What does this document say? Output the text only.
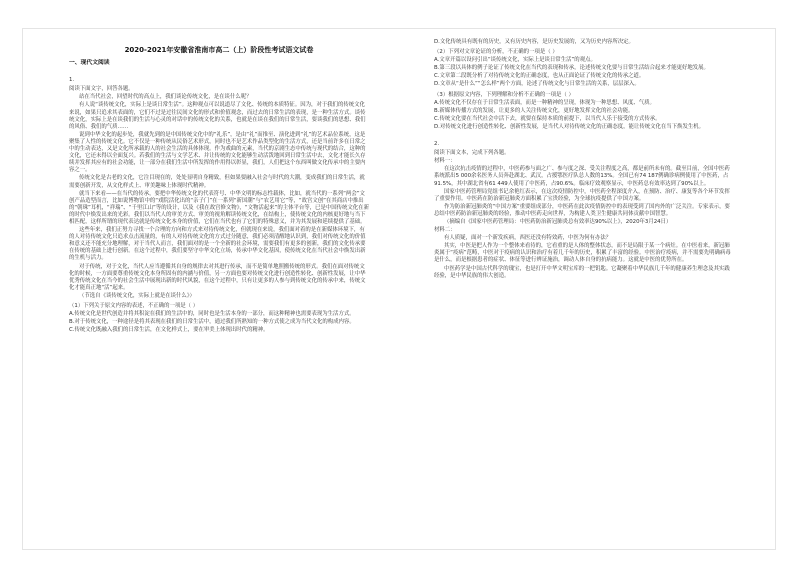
2020-2021年安徽省淮南市高二（上）阶段性考试语文试卷
一、现代文阅读
1.

阅读下面文字，回答各题。

站在当代社会，回望时代的高点上，我们谈论传统文化，是在谈什么呢？

有人说“谈传统文化，实际上是谈日常生活”。这种观点可以说道尽了文化、传统的本质特征。因为，对于我们的传统文化来说，如果只追求其表面的，它们不过是过往民间文化的形式和价值观念，而过去的日常生活的表现，是一种生活方式。谈传统文化，实际上是在谈我们的生活与心灵的对话中的传统文化的关系，也就是在谈在我们的日常生活，要谈我们的思想、我们的风俗、我们的气质……

说到中华文化的起步处，我就先到的是中国传统文化中的“礼乐”，是由“礼”而推至、演化进到“礼”的艺术品位系统，这是聚集了人性的传统文化。它不仅是一种传统从民俗艺术形式，同时也不是艺术作品类型化的生活方式，还是当前许多在日常之中的生动表达，又是文化所承载的人的社会生活的具体体现。作为戏曲的元素，当代的京剧生态中传统与现代的结合，这种的文化，它还未得以全面复兴。若我们的生活与文学艺术、并让传统的文化能够生动活泼地回到日常生活中去，文化才能长久存续并发挥其应有的社会功能，让一部分在我们生活中所发挥的作用得以彰显，我们，人们把这个东西叫做文化传承中的主要内容之一。

传统文化是古老的文化，它注目现在的，处处显明自身精致，但如果要融入社会与时代的大潮，变成我们的日常生活，就需要创新开发，从文化样式上、审美趣味上体现时代精神。

就当下来看——在当代的传承，要把中华传统文化的代表符号、中华文明的标志性载体，比如，就当代的一系列“两会”文创产品造型而言，比如说博物馆中的“戏院活化出的“亲子门”在一系列“新国潮”与“农艺用它”等，“故宫文创”在其商店中推出的“朝珠”耳机，“祥瑞”、“千里江山”等的设计，以及《我在故宫修文物》，“文物活起来”的主体平台等，已是中国传统文化在新的时代中焕发出来的光彩。我们以当代人的审美方式、审美的视角解读传统文化，在结构上，使传统文化的内核更好地与当下相匹配，这样所谓的现代表达就是传统文化本身的价值，它们在当代也有了它们的特殊意义，并为其发展和延续提供了基础。

这些年来，我们正努力寻找一个合理的方向和方式来对待传统文化，但就现在来说，我们面对着的是在新媒体环境下，有的人对待传统文化只追求点击流量的，有的人对待传统文化的方式过分随意，我们必须清醒地认识到，我们对传统文化的价值和意义还不能充分地理解，对于当代人而言，我们面对的是一个全新的社会环境，需要我们有更多的创新，我们的文化传承要在传统的基础上进行创新。在这个过程中，我们要坚守中华文化立场，传承中华文化基因，使传统文化在当代社会中焕发出新的生机与活力。

对于传统，对于文化，当代人应当遵循其自身的规律去对其进行传承，而不是简单地照搬传统的形式。我们在面对传统文化的时候，一方面要尊重传统文化本身所固有的内涵与价值，另一方面也要对传统文化进行创造性转化、创新性发展，让中华优秀传统文化在当今的社会生活中展现出新的时代风貌，在这个过程中，只有让更多的人参与到传统文化的传承中来，传统文化才能真正地“活”起来。

（节选自《谈传统文化，实际上就是在谈什么》）

（1）下列关于原文内容的表述，不正确的一项是（ ）

A.传统文化是世代创造并将其积淀在我们的生活中的，同时也是生活本身的一部分，而这种精神也需要表现为生活方式。

B.对于传统文化，一种途径是将其表现在我们的日常生活中，通过我们所熟知的一种方式使之成为当代文化的构成内容。

C.传统文化既融入我们的日常生活，在文化样式上，要在审美上体现出时代的精神。

D.文化传统具有既有的历史，又有历史内容，是历史发展的，又为历史内容所决定。

（2）下列对文章论证的分析，不正确的一项是（ ）

A.文章开篇以设问引出“谈传统文化，实际上是谈日常生活”的观点。

B.第三段以具体的例子论证了传统文化在当代的表现和传承，论述传统文化要与日常生活结合起来才能更好地发展。

C.文章第二段既分析了对待传统文化的正确态度，也从正面论证了传统文化的传承之道。

D.文章从“是什么”“怎么样”两个方面，论述了传统文化与日常生活的关系，层层深入。

（3）根据原文内容，下列理解和分析不正确的一项是（ ）

A.传统文化不仅存在于日常生活表面，而是一种精神的呈现，体现为一种思想、风度、气质。

B.新媒体传播方式的发展，让更多的人关注传统文化，更好地发挥文化的社会功能。

C.传统文化要在当代社会中活下去，就要在保持本质的前提下，以当代人乐于接受的方式传承。

D.对传统文化进行创造性转化、创新性发展，是当代人对待传统文化的正确态度，能让传统文化在当下焕发生机。

2.

阅读下面文本，完成下列各题。

材料一：

在这次抗击疫情的过程中，中医药参与面之广、参与度之深、受关注程度之高，都是前所未有的。截至目前，全国中医药系统派出5 000余名医务人员奔赴湖北、武汉，占援鄂医疗队总人数的13%。全国已有74 187例确诊病例使用了中医药，占91.5%，其中湖北省有61 449人使用了中医药，占90.6%。临床疗效观察显示，中医药总有效率达到了90%以上。

国家中医药管理局党组书记余艳红表示，在这次疫情防控中，中医药全程深度介入，在预防、治疗、康复等各个环节发挥了重要作用。中医药在防治新冠肺炎方面积累了宝贵经验，为全球抗疫提供了中国方案。

作为防治新冠肺炎的“中国方案”重要组成部分，中医药在此次疫情防控中的表现受到了国内外的广泛关注。专家表示，要总结中医药防治新冠肺炎的经验，推动中医药走向世界，为构建人类卫生健康共同体贡献中国智慧。

（摘编自《国家中医药管理局：中医药防治新冠肺炎总有效率达90%以上》，2020年3月24日）

材料二：

有人质疑，面对一个新发疾病，西医还没有特效药，中医为何有办法？

其实，中医是把人作为一个整体来看待的，它看重的是人体的整体状态，而不是局限于某一个病灶。在中医看来，新冠肺炎属于“疫病”范畴，中医对于疫病的认识和治疗有着几千年的历史，积累了丰富的经验。中医治疗疫病，并不需要先明确病毒是什么，而是根据患者的症状、体征等进行辨证施治，调动人体自身的抗病能力。这就是中医的优势所在。

中医药学是中国古代科学的瑰宝，也是打开中华文明宝库的一把钥匙。它凝聚着中华民族几千年的健康养生理念及其实践经验，是中华民族的伟大创造。
